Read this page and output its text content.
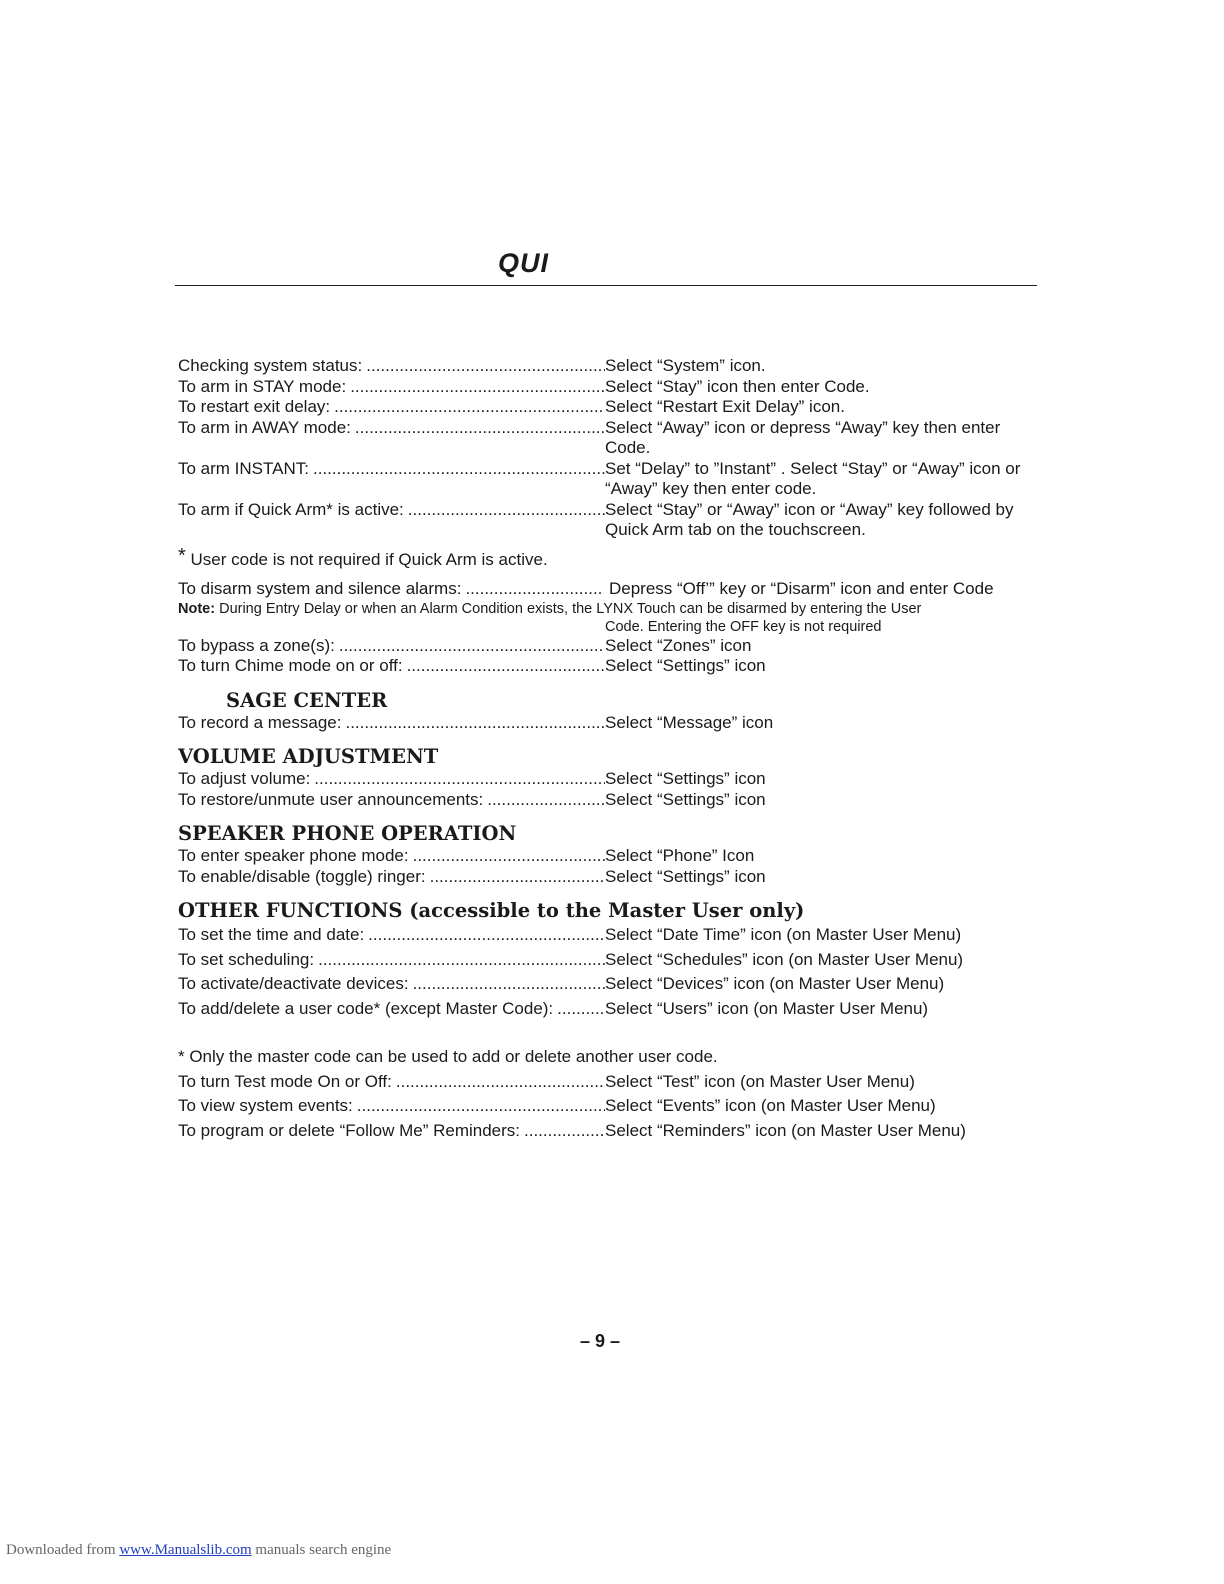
QUI
Checking system status: .....	Select “System” icon.
To arm in STAY mode: .....	Select “Stay” icon then enter Code.
To restart exit delay: .....	Select “Restart Exit Delay” icon.
To arm in AWAY mode: .....	Select “Away” icon or depress “Away” key then enter Code.
To arm INSTANT: .....	Set “Delay” to ”Instant” . Select “Stay” or “Away” icon or “Away” key then enter code.
To arm if Quick Arm* is active: .....	Select “Stay” or “Away” icon or “Away” key followed by Quick Arm tab on the touchscreen.
* User code is not required if Quick Arm is active.
To disarm system and silence alarms: .....	Depress “Off’” key or “Disarm” icon and enter Code
Note: During Entry Delay or when an Alarm Condition exists, the LYNX Touch can be disarmed by entering the User
Code. Entering the OFF key is not required
To bypass a zone(s): .....	Select “Zones” icon
To turn Chime mode on or off: .....	Select “Settings” icon
SAGE CENTER
To record a message: .....	Select “Message” icon
VOLUME ADJUSTMENT
To adjust volume: .....	Select “Settings” icon
To restore/unmute user announcements: .....	Select “Settings” icon
SPEAKER PHONE OPERATION
To enter speaker phone mode: .....	Select “Phone” Icon
To enable/disable (toggle) ringer: .....	Select “Settings” icon
OTHER FUNCTIONS (accessible to the Master User only)
To set the time and date: .....	Select “Date Time” icon (on Master User Menu)
To set scheduling: .....	Select “Schedules” icon (on Master User Menu)
To activate/deactivate devices: .....	Select “Devices” icon (on Master User Menu)
To add/delete a user code* (except Master Code): .....	Select “Users” icon (on Master User Menu)
* Only the master code can be used to add or delete another user code.
To turn Test mode On or Off: .....	Select “Test” icon (on Master User Menu)
To view system events: .....	Select “Events” icon (on Master User Menu)
To program or delete “Follow Me” Reminders: .....	Select “Reminders” icon (on Master User Menu)
– 9 –
Downloaded from www.Manualslib.com manuals search engine
